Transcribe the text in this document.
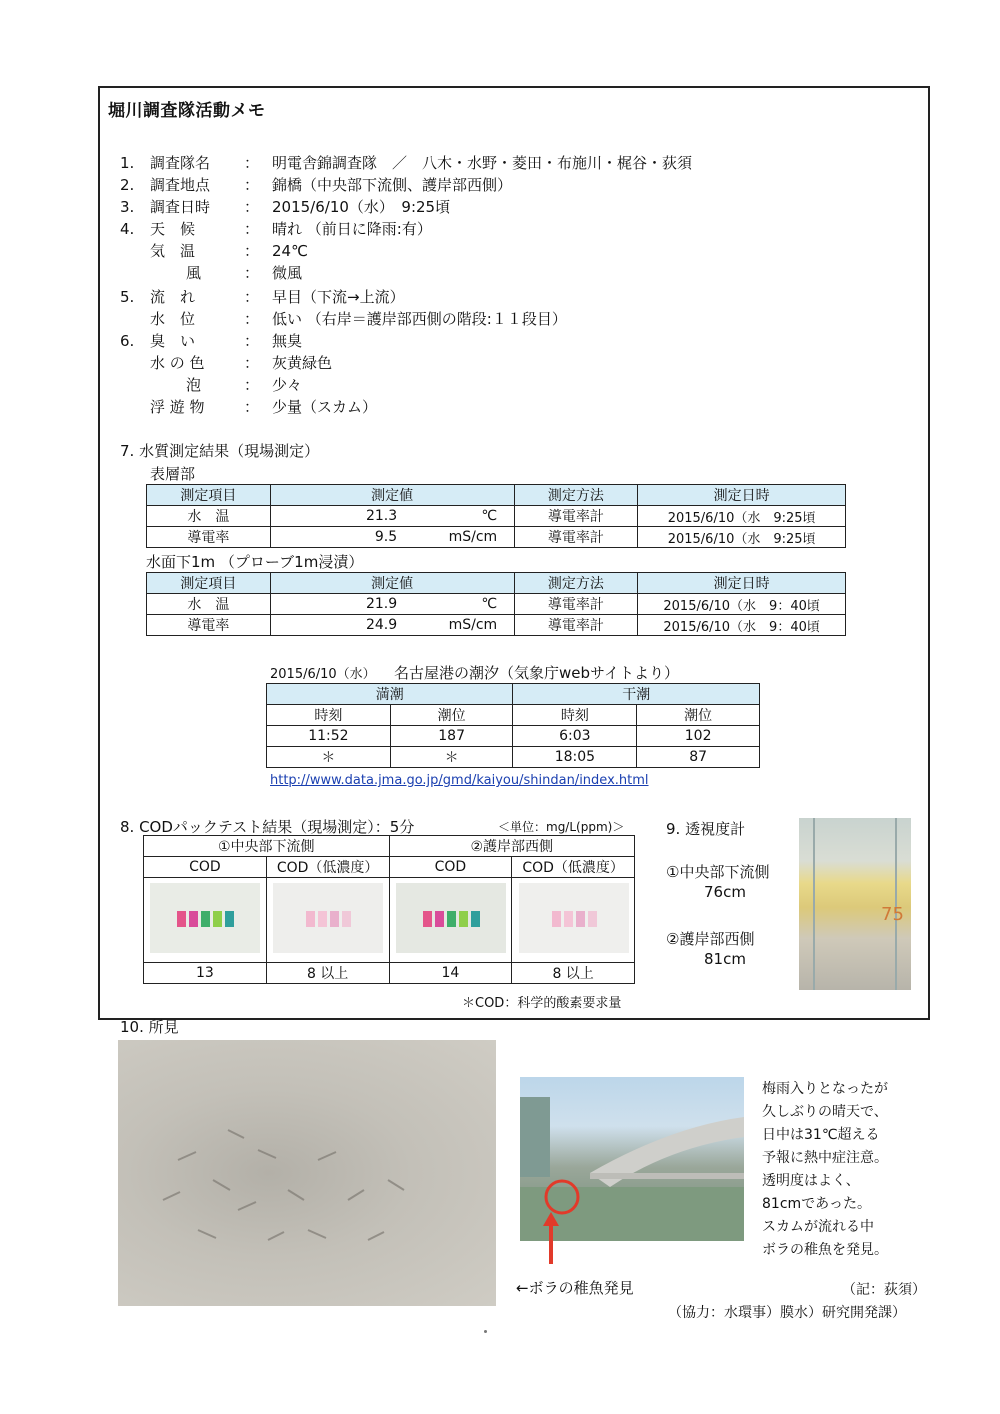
堀川調査隊活動メモ
1. 調査隊名 ： 明電舎錦調査隊　／　八木・水野・菱田・布施川・梶谷・荻須
2. 調査地点 ： 錦橋（中央部下流側、護岸部西側）
3. 調査日時 ： 2015/6/10（水）　9:25頃
4. 天　候	： 晴れ （前日に降雨:有）
気　温	： 24℃
風	： 微風
5. 流　れ	： 早目（下流→上流）
水　位	： 低い （右岸＝護岸部西側の階段:１１段目）
6. 臭　い	： 無臭
水 の 色	： 灰黄緑色
泡	： 少々
浮 遊 物	： 少量（スカム）
7. 水質測定結果（現場測定）
表層部
測定項目	測定値	測定方法	測定日時
水　温	21.3 ℃	導電率計	2015/6/10（水　9:25頃
導電率	9.5 mS/cm	導電率計	2015/6/10（水　9:25頃
水面下1m （プローブ1m浸漬）
測定項目	測定値	測定方法	測定日時
水　温	21.9 ℃	導電率計	2015/6/10（水　9：40頃
導電率	24.9 mS/cm	導電率計	2015/6/10（水　9：40頃
2015/6/10（水） 名古屋港の潮汐（気象庁webサイトより）
満潮		干潮	
時刻	潮位	時刻	潮位
11:52	187	6:03	102
＊	＊	18:05	87
http://www.data.jma.go.jp/gmd/kaiyou/shindan/index.html
8. CODパックテスト結果（現場測定）：5分	＜単位：mg/L(ppm)＞
①中央部下流側		②護岸部西側	
COD	COD（低濃度）	COD	COD（低濃度）

13	8 以上	14	8 以上
＊COD：科学的酸素要求量
9. 透視度計
①中央部下流側
76cm
②護岸部西側
81cm
75
10. 所見
←ボラの稚魚発見
梅雨入りとなったが
久しぶりの晴天で、
日中は31℃超える
予報に熱中症注意。
透明度はよく、
81cmであった。
スカムが流れる中
ボラの稚魚を発見。
（記：荻須）
（協力：水環事）膜水）研究開発課）
